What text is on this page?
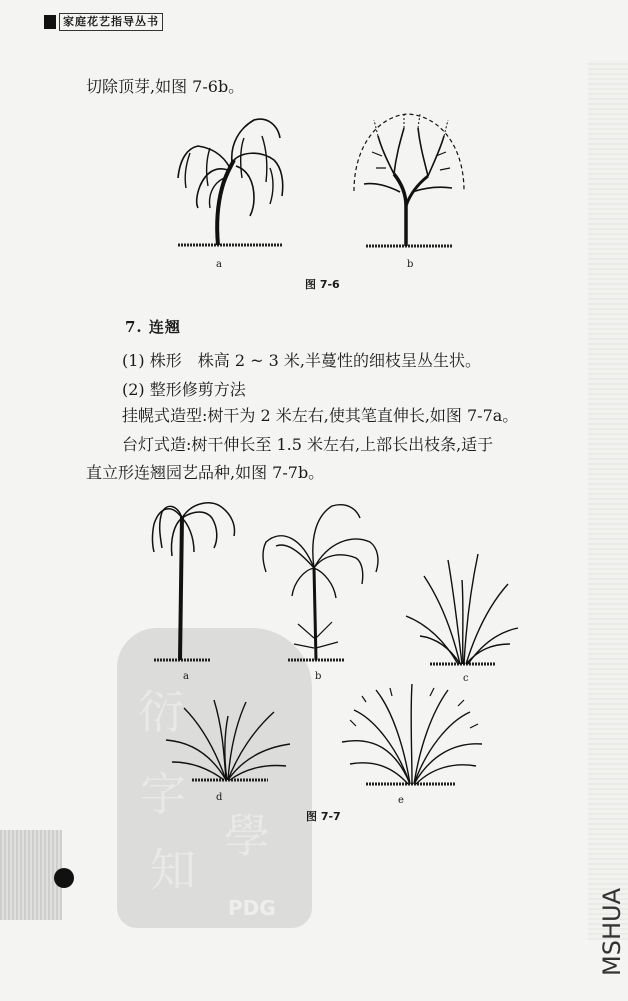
家庭花艺指导丛书
切除顶芽,如图 7-6b。
a	b
图 7-6
7. 连翘
(1) 株形　株高 2 ~ 3 米,半蔓性的细枝呈丛生状。
(2) 整形修剪方法
挂幌式造型:树干为 2 米左右,使其笔直伸长,如图 7-7a。
台灯式造:树干伸长至 1.5 米左右,上部长出枝条,适于
直立形连翘园艺品种,如图 7-7b。
衍
字
知
學
PDG
a	b	c
d	e
图 7-7
MSHUA
